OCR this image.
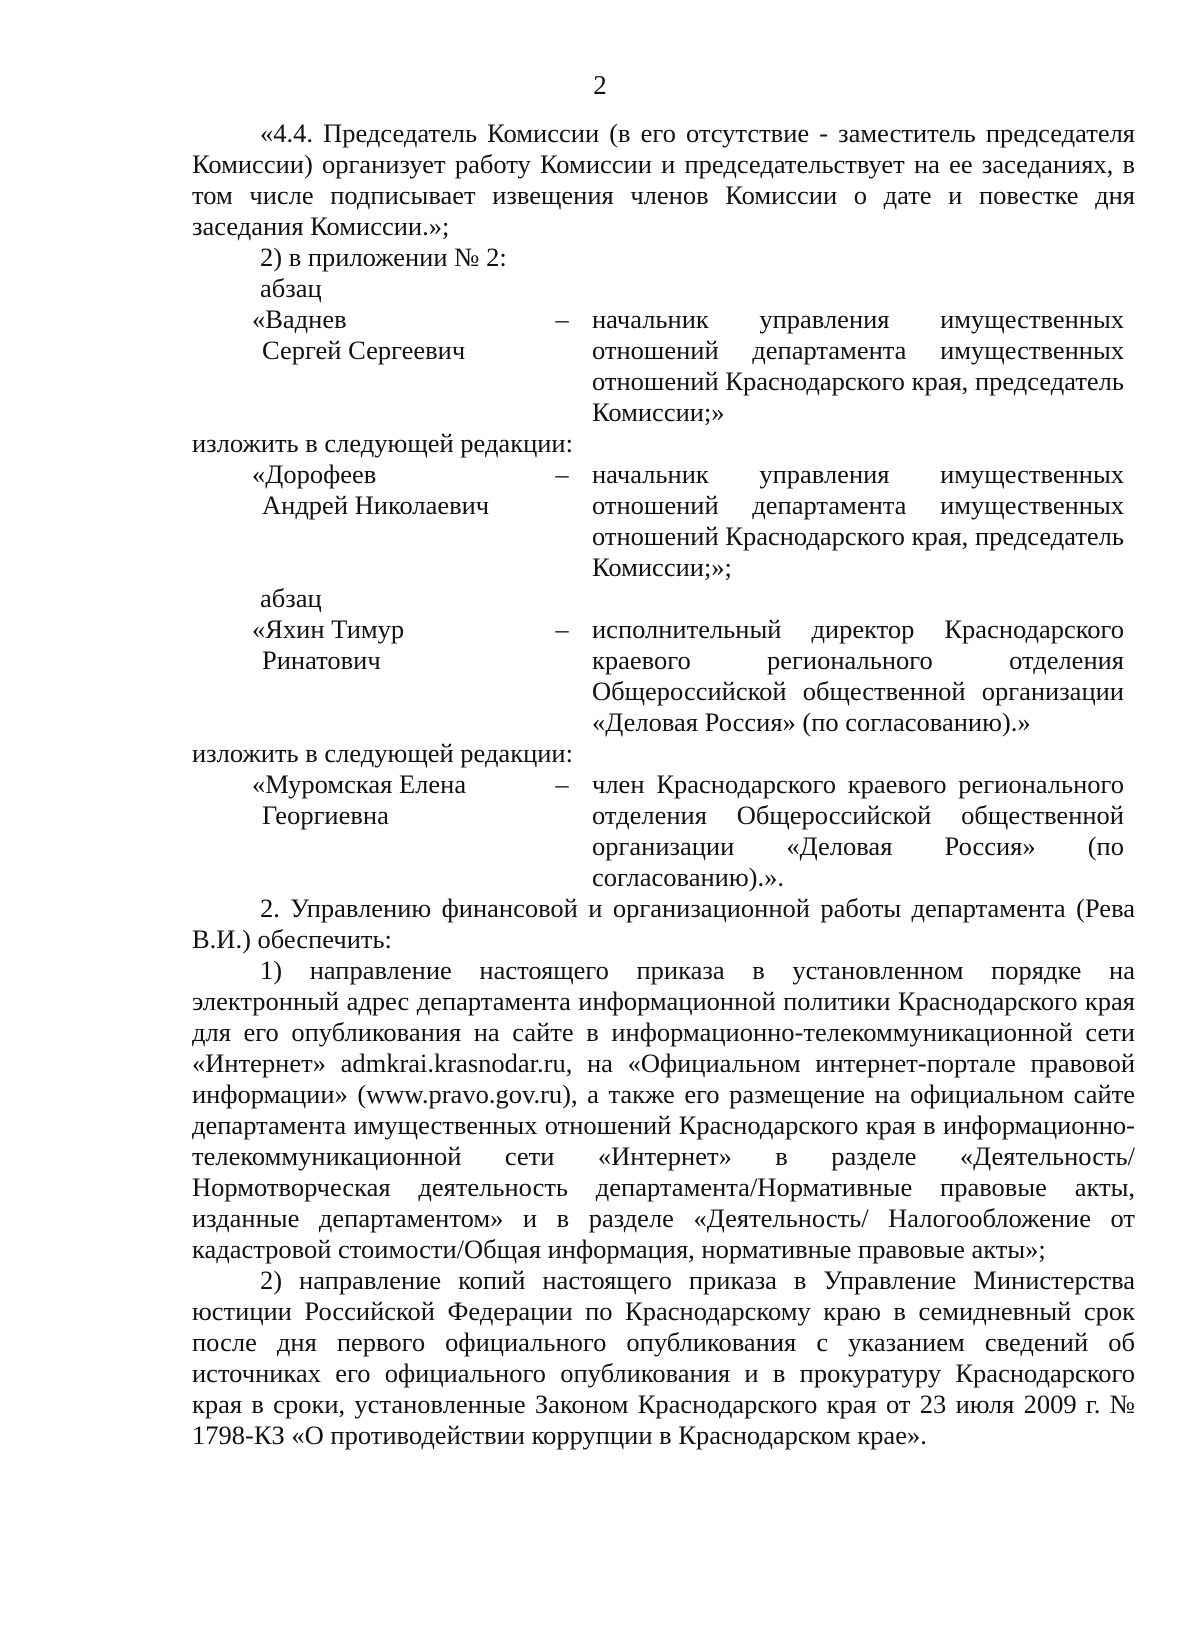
2

«4.4. Председатель Комиссии (в его отсутствие - заместитель председателя Комиссии) организует работу Комиссии и председательствует на ее заседаниях, в том числе подписывает извещения членов Комиссии о дате и повестке дня заседания Комиссии.»;

2) в приложении № 2:

абзац

«Ваднев
Сергей Сергеевич
– начальник управления имущественных отношений департамента имущественных отношений Краснодарского края, председатель Комиссии;»

изложить в следующей редакции:

«Дорофеев
Андрей Николаевич
– начальник управления имущественных отношений департамента имущественных отношений Краснодарского края, председатель Комиссии;»;

абзац

«Яхин Тимур
Ринатович
– исполнительный директор Краснодарского краевого регионального отделения Общероссийской общественной организации «Деловая Россия» (по согласованию).»

изложить в следующей редакции:

«Муромская Елена
Георгиевна
– член Краснодарского краевого регионального отделения Общероссийской общественной организации «Деловая Россия» (по согласованию).».

2. Управлению финансовой и организационной работы департамента (Рева В.И.) обеспечить:

1) направление настоящего приказа в установленном порядке на электронный адрес департамента информационной политики Краснодарского края для его опубликования на сайте в информационно-телекоммуникационной сети «Интернет» admkrai.krasnodar.ru, на «Официальном интернет-портале правовой информации» (www.pravo.gov.ru), а также его размещение на официальном сайте департамента имущественных отношений Краснодарского края в информационно-телекоммуникационной сети «Интернет» в разделе «Деятельность/Нормотворческая деятельность департамента/Нормативные правовые акты, изданные департаментом» и в разделе «Деятельность/ Налогообложение от кадастровой стоимости/Общая информация, нормативные правовые акты»;

2) направление копий настоящего приказа в Управление Министерства юстиции Российской Федерации по Краснодарскому краю в семидневный срок после дня первого официального опубликования с указанием сведений об источниках его официального опубликования и в прокуратуру Краснодарского края в сроки, установленные Законом Краснодарского края от 23 июля 2009 г. № 1798-КЗ «О противодействии коррупции в Краснодарском крае».
